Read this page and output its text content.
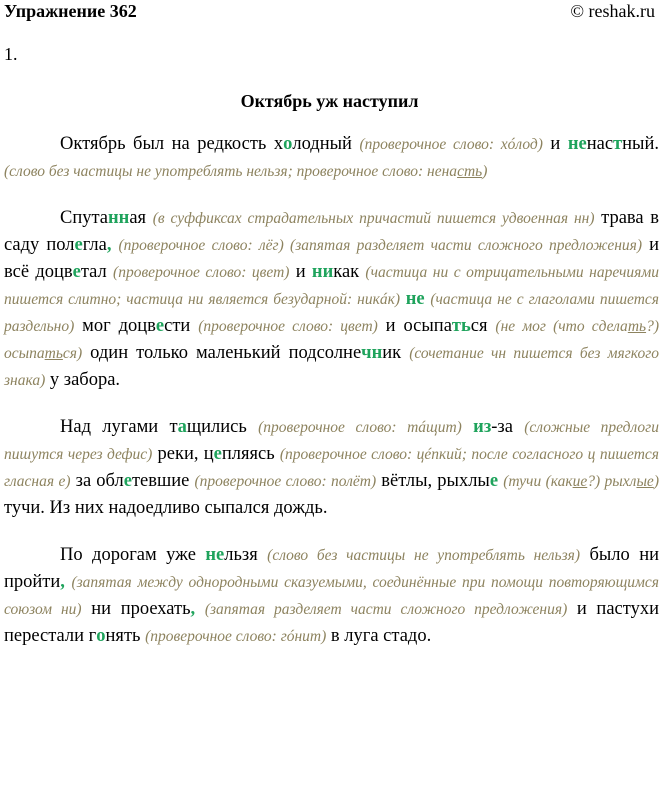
Упражнение 362	© reshak.ru
1.
Октябрь уж наступил

Октябрь был на редкость холодный (проверочное слово: хóлод) и ненастный. (слово без частицы не употреблять нельзя; проверочное слово: ненасть)

Спутанная (в суффиксах страдательных причастий пишется удвоенная нн) трава в саду полегла, (проверочное слово: лёг) (запятая разделяет части сложного предложения) и всё доцветал (проверочное слово: цвет) и никак (частица ни с отрицательными наречиями пишется слитно; частица ни является безударной: никáк) не (частица не с глаголами пишется раздельно) мог доцвести (проверочное слово: цвет) и осыпаться (не мог (что сделать?) осыпаться) один только маленький подсолнечник (сочетание чн пишется без мягкого знака) у забора.

Над лугами тащились (проверочное слово: тáщит) из-за (сложные предлоги пишутся через дефис) реки, цепляясь (проверочное слово: цéпкий; после согласного ц пишется гласная е) за облетевшие (проверочное слово: полёт) вётлы, рыхлые (тучи (какие?) рыхлые) тучи. Из них надоедливо сыпался дождь.

По дорогам уже нельзя (слово без частицы не употреблять нельзя) было ни пройти, (запятая между однородными сказуемыми, соединённые при помощи повторяющимся союзом ни) ни проехать, (запятая разделяет части сложного предложения) и пастухи перестали гонять (проверочное слово: гóнит) в луга стадо.
